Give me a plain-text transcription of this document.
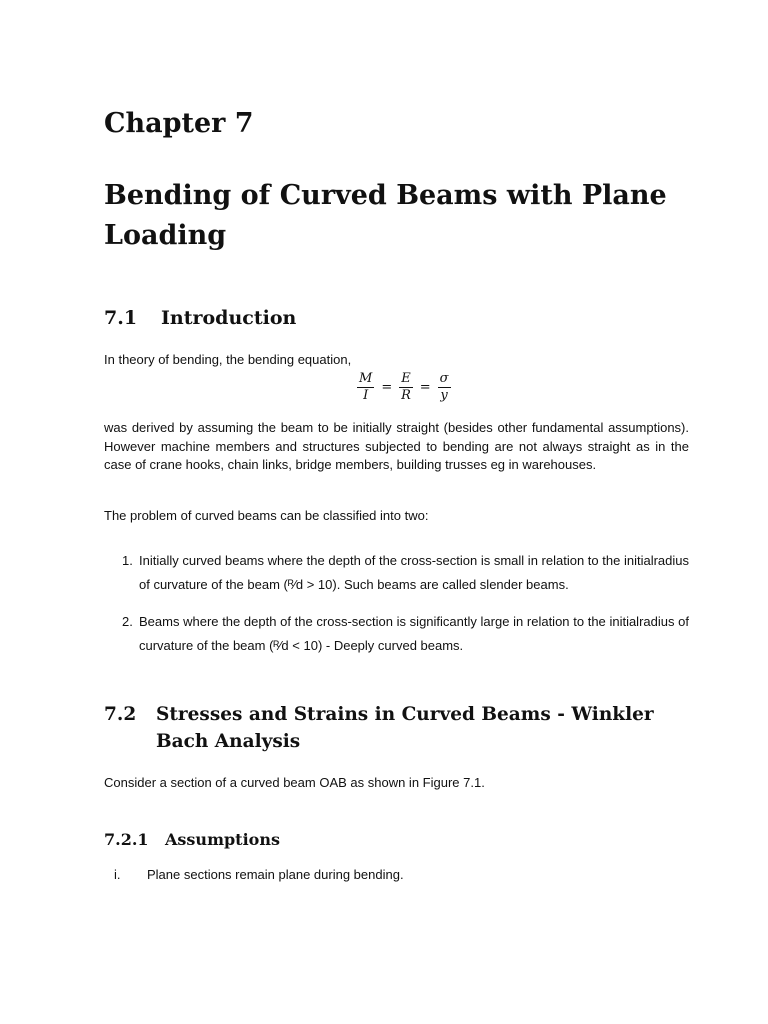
Chapter 7
Bending of Curved Beams with Plane Loading
7.1 Introduction

In theory of bending, the bending equation,

$\frac{M}{I} = \frac{E}{R} = \frac{\sigma}{y}$

was derived by assuming the beam to be initially straight (besides other fundamental assumptions). However machine members and structures subjected to bending are not always straight as in the case of crane hooks, chain links, bridge members, building trusses eg in warehouses.

The problem of curved beams can be classified into two:

1. Initially curved beams where the depth of the cross-section is small in relation to the initialradius of curvature of the beam (ᴿ⁄d > 10). Such beams are called slender beams.
2. Beams where the depth of the cross-section is significantly large in relation to the initialradius of curvature of the beam (ᴿ⁄d < 10) - Deeply curved beams.
7.2	Stresses and Strains in Curved Beams - Winkler Bach Analysis

Consider a section of a curved beam OAB as shown in Figure 7.1.

7.2.1 Assumptions
i. Plane sections remain plane during bending.
